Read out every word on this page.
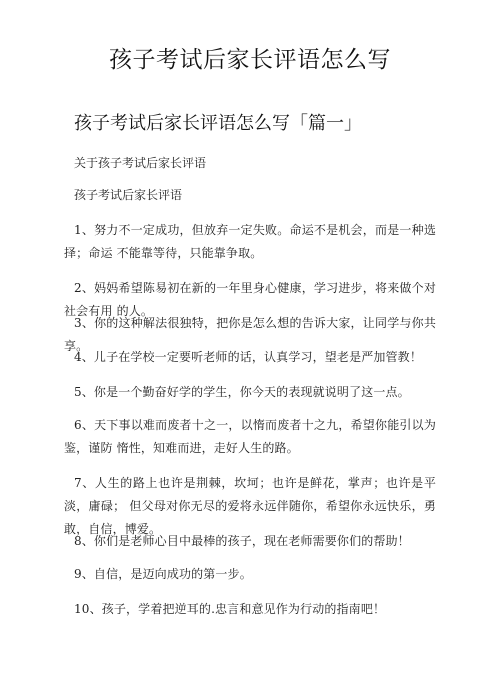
孩子考试后家长评语怎么写
孩子考试后家长评语怎么写「篇一」
关于孩子考试后家长评语
孩子考试后家长评语
1、努力不一定成功，但放弃一定失败。命运不是机会，而是一种选择；命运 不能靠等待，只能靠争取。
2、妈妈希望陈易初在新的一年里身心健康，学习进步，将来做个对社会有用 的人。
3、你的这种解法很独特，把你是怎么想的告诉大家，让同学与你共享。
4、儿子在学校一定要听老师的话，认真学习，望老是严加管教！
5、你是一个勤奋好学的学生，你今天的表现就说明了这一点。
6、天下事以难而废者十之一，以惰而废者十之九，希望你能引以为鉴，谨防 惰性，知难而进，走好人生的路。
7、人生的路上也许是荆棘，坎坷；也许是鲜花，掌声；也许是平淡，庸碌； 但父母对你无尽的爱将永远伴随你，希望你永远快乐，勇敢，自信，博爱。
8、你们是老师心目中最棒的孩子，现在老师需要你们的帮助！
9、自信，是迈向成功的第一步。
10、孩子，学着把逆耳的.忠言和意见作为行动的指南吧！
